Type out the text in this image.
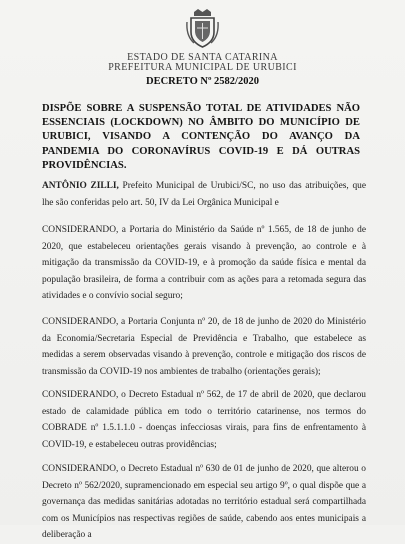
ESTADO DE SANTA CATARINA
PREFEITURA MUNICIPAL DE URUBICI
DECRETO Nº 2582/2020
DISPÕE SOBRE A SUSPENSÃO TOTAL DE ATIVIDADES NÃO ESSENCIAIS (LOCKDOWN) NO ÂMBITO DO MUNICÍPIO DE URUBICI, VISANDO A CONTENÇÃO DO AVANÇO DA PANDEMIA DO CORONAVÍRUS COVID-19 E DÁ OUTRAS PROVIDÊNCIAS.
ANTÔNIO ZILLI, Prefeito Municipal de Urubici/SC, no uso das atribuições, que lhe são conferidas pelo art. 50, IV da Lei Orgânica Municipal e
CONSIDERANDO, a Portaria do Ministério da Saúde nº 1.565, de 18 de junho de 2020, que estabeleceu orientações gerais visando à prevenção, ao controle e à mitigação da transmissão da COVID-19, e à promoção da saúde física e mental da população brasileira, de forma a contribuir com as ações para a retomada segura das atividades e o convívio social seguro;
CONSIDERANDO, a Portaria Conjunta nº 20, de 18 de junho de 2020 do Ministério da Economia/Secretaria Especial de Previdência e Trabalho, que estabelece as medidas a serem observadas visando à prevenção, controle e mitigação dos riscos de transmissão da COVID-19 nos ambientes de trabalho (orientações gerais);
CONSIDERANDO, o Decreto Estadual nº 562, de 17 de abril de 2020, que declarou estado de calamidade pública em todo o território catarinense, nos termos do COBRADE nº 1.5.1.1.0 - doenças infecciosas virais, para fins de enfrentamento à COVID-19, e estabeleceu outras providências;
CONSIDERANDO, o Decreto Estadual nº 630 de 01 de junho de 2020, que alterou o Decreto nº 562/2020, supramencionado em especial seu artigo 9º, o qual dispõe que a governança das medidas sanitárias adotadas no território estadual será compartilhada com os Municípios nas respectivas regiões de saúde, cabendo aos entes municipais a deliberação a
